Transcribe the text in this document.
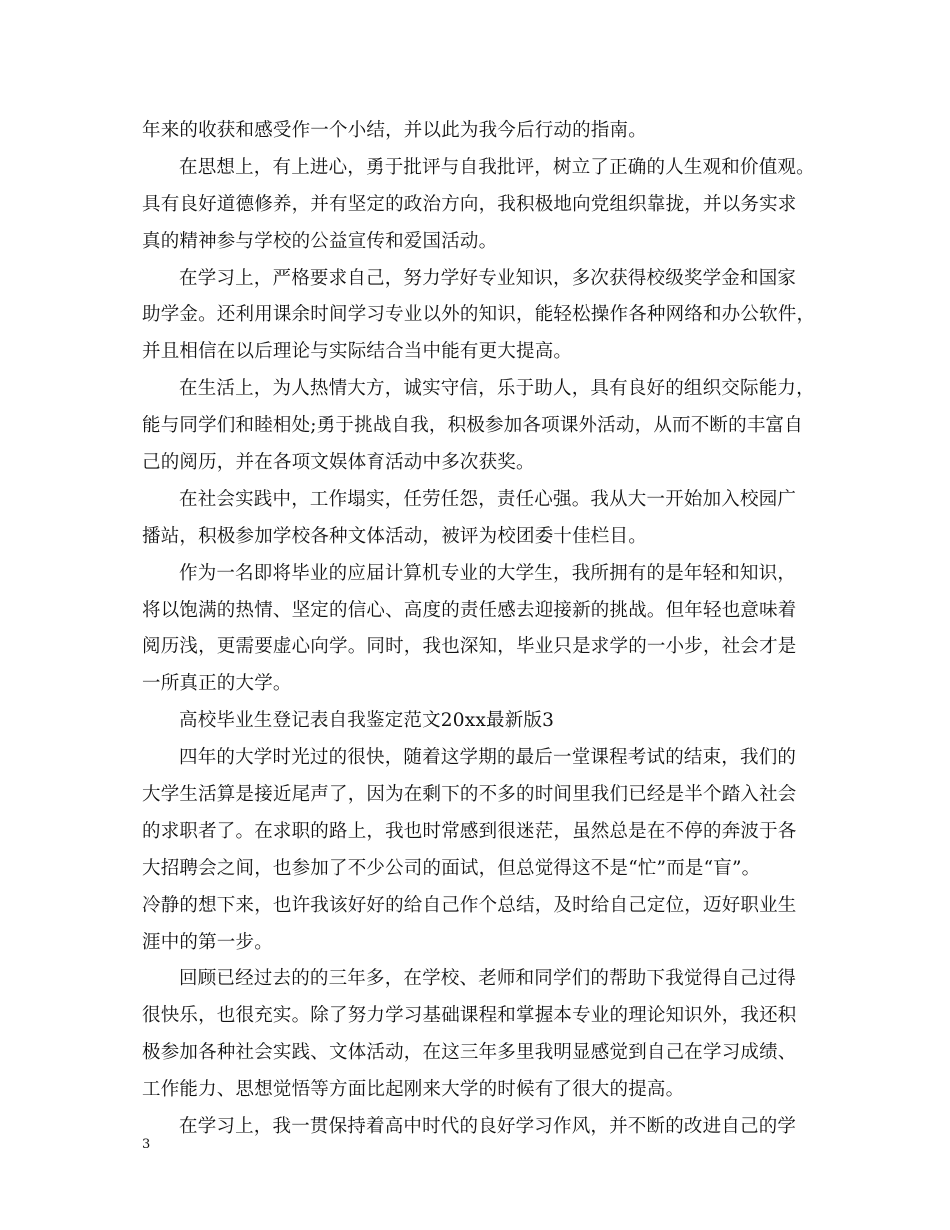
年来的收获和感受作一个小结，并以此为我今后行动的指南。
在思想上，有上进心，勇于批评与自我批评，树立了正确的人生观和价值观。
具有良好道德修养，并有坚定的政治方向，我积极地向党组织靠拢，并以务实求
真的精神参与学校的公益宣传和爱国活动。
在学习上，严格要求自己，努力学好专业知识，多次获得校级奖学金和国家
助学金。还利用课余时间学习专业以外的知识，能轻松操作各种网络和办公软件，
并且相信在以后理论与实际结合当中能有更大提高。
在生活上，为人热情大方，诚实守信，乐于助人，具有良好的组织交际能力，
能与同学们和睦相处;勇于挑战自我，积极参加各项课外活动，从而不断的丰富自
己的阅历，并在各项文娱体育活动中多次获奖。
在社会实践中，工作塌实，任劳任怨，责任心强。我从大一开始加入校园广
播站，积极参加学校各种文体活动，被评为校团委十佳栏目。
作为一名即将毕业的应届计算机专业的大学生，我所拥有的是年轻和知识，
将以饱满的热情、坚定的信心、高度的责任感去迎接新的挑战。但年轻也意味着
阅历浅，更需要虚心向学。同时，我也深知，毕业只是求学的一小步，社会才是
一所真正的大学。
高校毕业生登记表自我鉴定范文20xx最新版3
四年的大学时光过的很快，随着这学期的最后一堂课程考试的结束，我们的
大学生活算是接近尾声了，因为在剩下的不多的时间里我们已经是半个踏入社会
的求职者了。在求职的路上，我也时常感到很迷茫，虽然总是在不停的奔波于各
大招聘会之间，也参加了不少公司的面试，但总觉得这不是“忙”而是“盲”。
冷静的想下来，也许我该好好的给自己作个总结，及时给自己定位，迈好职业生
涯中的第一步。
回顾已经过去的的三年多，在学校、老师和同学们的帮助下我觉得自己过得
很快乐，也很充实。除了努力学习基础课程和掌握本专业的理论知识外，我还积
极参加各种社会实践、文体活动，在这三年多里我明显感觉到自己在学习成绩、
工作能力、思想觉悟等方面比起刚来大学的时候有了很大的提高。
在学习上，我一贯保持着高中时代的良好学习作风，并不断的改进自己的学
3
